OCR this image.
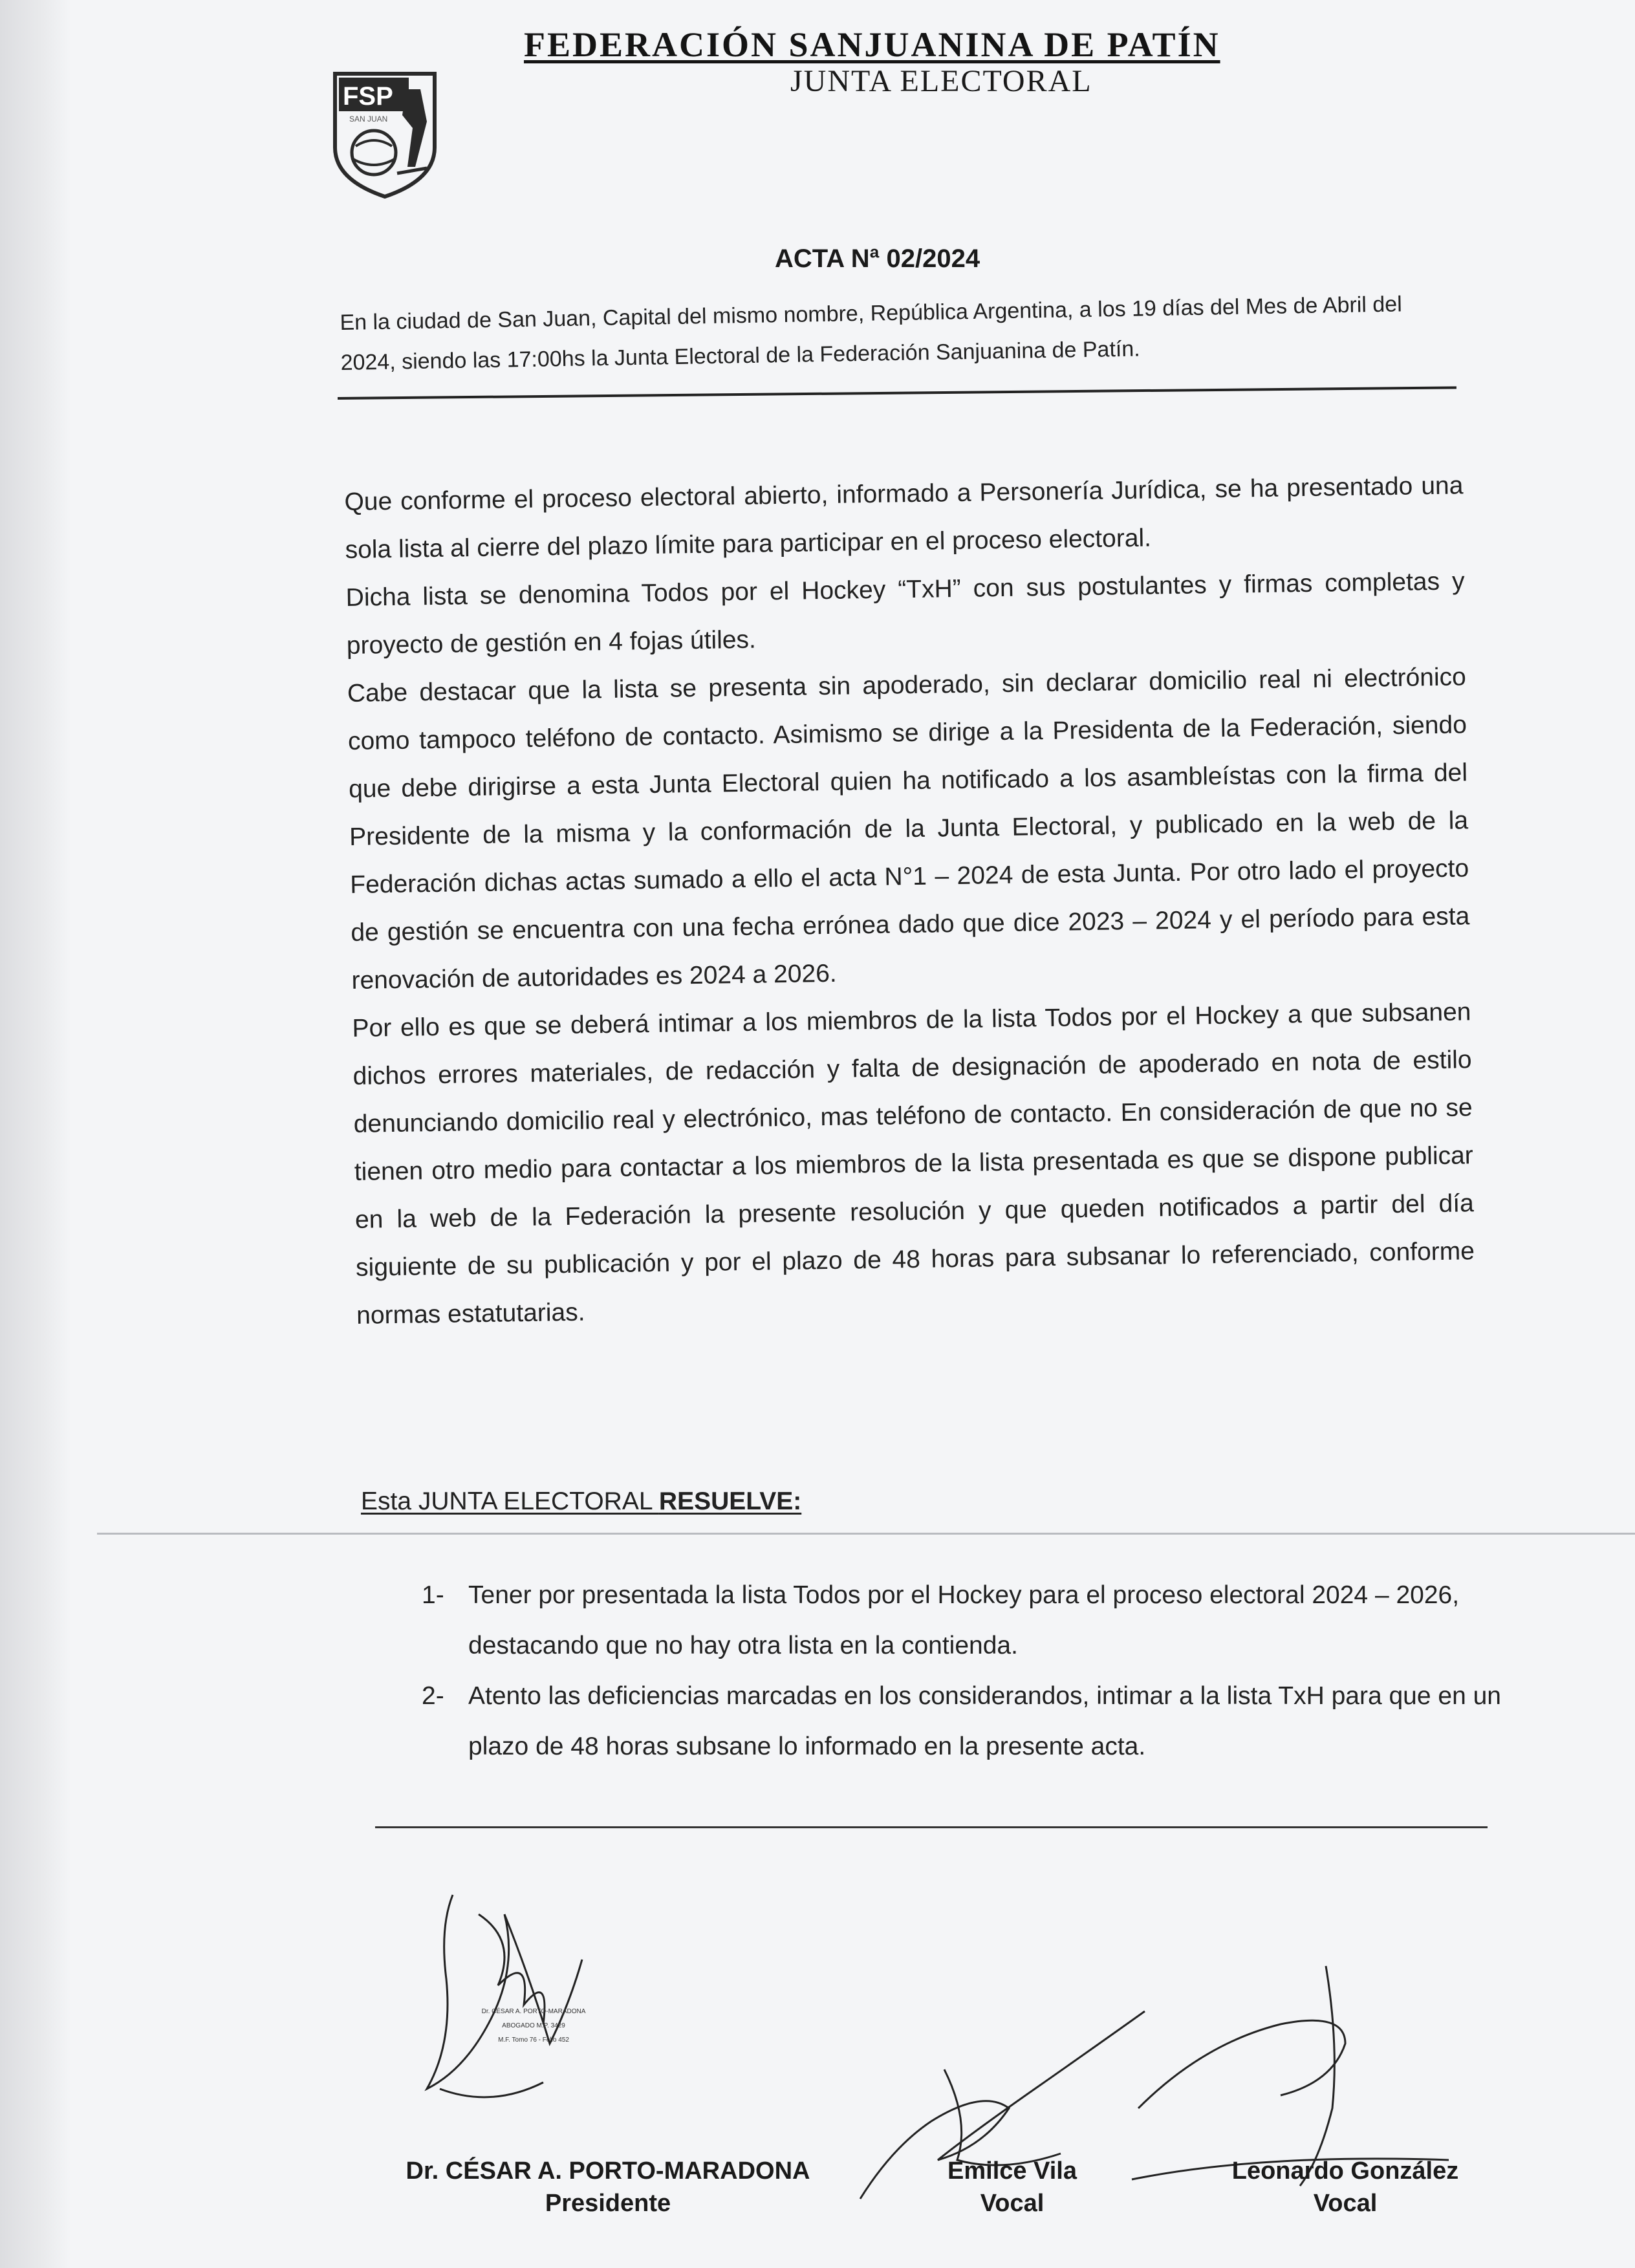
FEDERACIÓN SANJUANINA DE PATÍN
JUNTA ELECTORAL
FSP
SAN JUAN
ACTA Nª 02/2024
En la ciudad de San Juan, Capital del mismo nombre, República Argentina, a los 19 días del Mes de Abril del 2024, siendo las 17:00hs la Junta Electoral de la Federación Sanjuanina de Patín.

Que conforme el proceso electoral abierto, informado a Personería Jurídica, se ha presentado una sola lista al cierre del plazo límite para participar en el proceso electoral.

Dicha lista se denomina Todos por el Hockey “TxH” con sus postulantes y firmas completas y proyecto de gestión en 4 fojas útiles.

Cabe destacar que la lista se presenta sin apoderado, sin declarar domicilio real ni electrónico como tampoco teléfono de contacto. Asimismo se dirige a la Presidenta de la Federación, siendo que debe dirigirse a esta Junta Electoral quien ha notificado a los asambleístas con la firma del Presidente de la misma y la conformación de la Junta Electoral, y publicado en la web de la Federación dichas actas sumado a ello el acta N°1 – 2024 de esta Junta. Por otro lado el proyecto de gestión se encuentra con una fecha errónea dado que dice 2023 – 2024 y el período para esta renovación de autoridades es 2024 a 2026.

Por ello es que se deberá intimar a los miembros de la lista Todos por el Hockey a que subsanen dichos errores materiales, de redacción y falta de designación de apoderado en nota de estilo denunciando domicilio real y electrónico, mas teléfono de contacto. En consideración de que no se tienen otro medio para contactar a los miembros de la lista presentada es que se dispone publicar en la web de la Federación la presente resolución y que queden notificados a partir del día siguiente de su publicación y por el plazo de 48 horas para subsanar lo referenciado, conforme normas estatutarias.

Esta JUNTA ELECTORAL RESUELVE:
1- Tener por presentada la lista Todos por el Hockey para el proceso electoral 2024 – 2026, destacando que no hay otra lista en la contienda.
2- Atento las deficiencias marcadas en los considerandos, intimar a la lista TxH para que en un plazo de 48 horas subsane lo informado en la presente acta.
Dr. CÉSAR A. PORTO-MARADONA
ABOGADO M.P. 3429
M.F. Tomo 76 - Folio 452
Dr. CÉSAR A. PORTO-MARADONA
Presidente
Emilce Vila
Vocal
Leonardo González
Vocal
